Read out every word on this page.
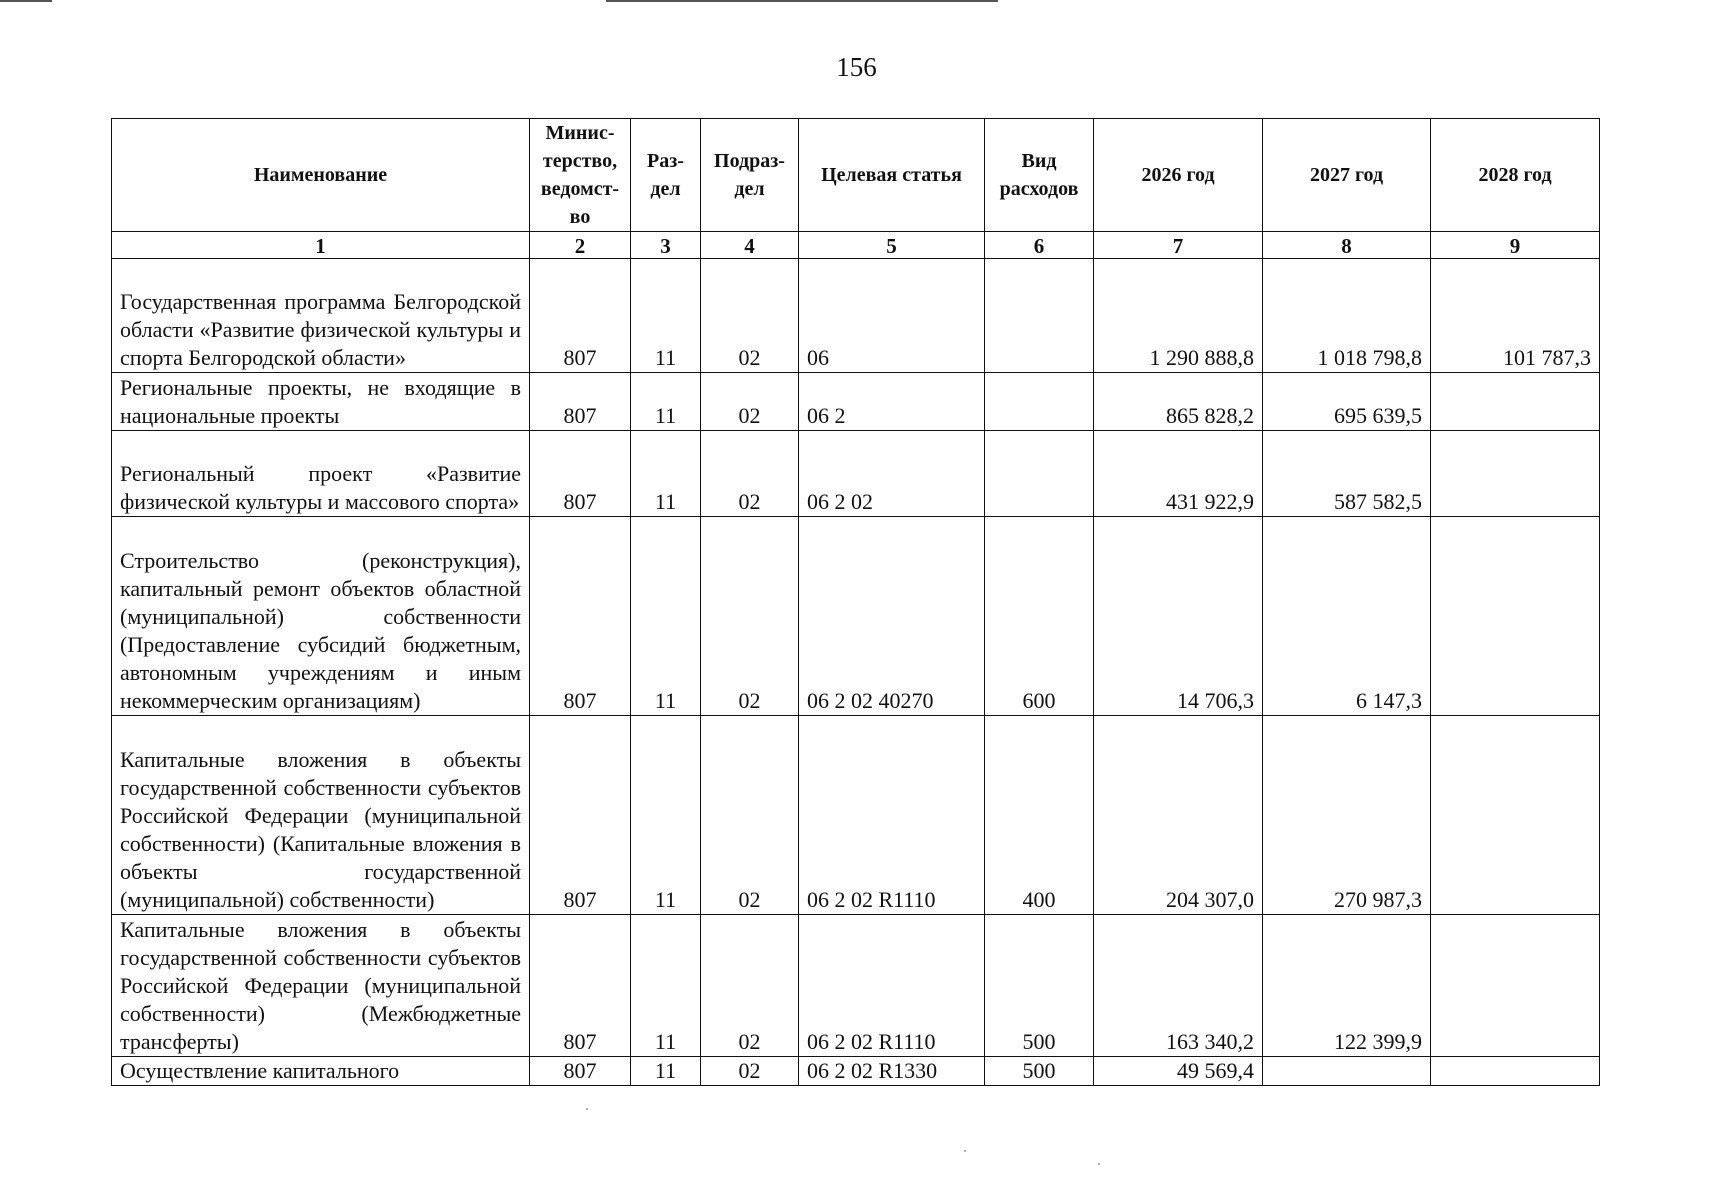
156
Наименование	Минис-терство, ведомст-во	Раз-дел	Подраз-дел	Целевая статья	Вид расходов	2026 год	2027 год	2028 год
1	2	3	4	5	6	7	8	9
Государственная программа Белгородской области «Развитие физической культуры и спорта Белгородской области»	807	11	02	06		1 290 888,8	1 018 798,8	101 787,3
Региональные проекты, не входящие в национальные проекты	807	11	02	06 2		865 828,2	695 639,5	
Региональный проект «Развитие физической культуры и массового спорта»	807	11	02	06 2 02		431 922,9	587 582,5	
Строительство (реконструкция), капитальный ремонт объектов областной (муниципальной) собственности (Предоставление субсидий бюджетным, автономным учреждениям и иным некоммерческим организациям)	807	11	02	06 2 02 40270	600	14 706,3	6 147,3	
Капитальные вложения в объекты государственной собственности субъектов Российской Федерации (муниципальной собственности) (Капитальные вложения в объекты государственной (муниципальной) собственности)	807	11	02	06 2 02 R1110	400	204 307,0	270 987,3	
Капитальные вложения в объекты государственной собственности субъектов Российской Федерации (муниципальной собственности) (Межбюджетные трансферты)	807	11	02	06 2 02 R1110	500	163 340,2	122 399,9	
Осуществление капитального	807	11	02	06 2 02 R1330	500	49 569,4		
